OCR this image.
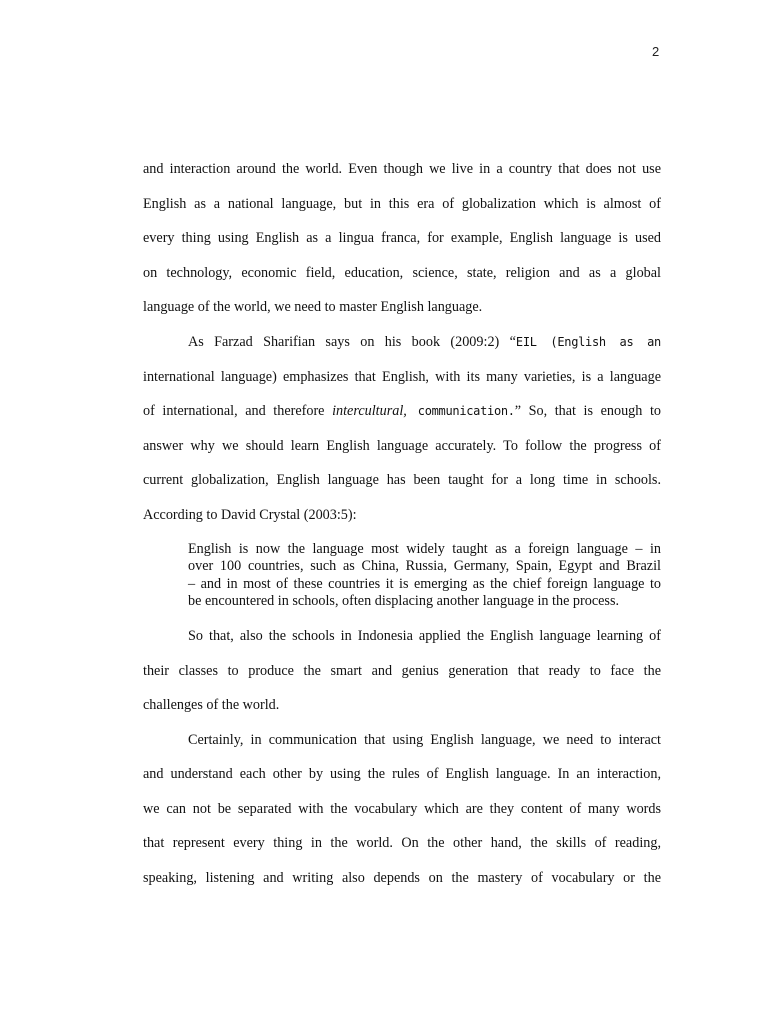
2

and interaction around the world. Even though we live in a country that does not use
English as a national language, but in this era of globalization which is almost of
every thing using English as a lingua franca, for example, English language is used
on technology, economic field, education, science, state, religion and as a global
language of the world, we need to master English language.

As Farzad Sharifian says on his book (2009:2) “EIL (English as an
international language) emphasizes that English, with its many varieties, is a language
of international, and therefore intercultural, communication.” So, that is enough to
answer why we should learn English language accurately. To follow the progress of
current globalization, English language has been taught for a long time in schools.
According to David Crystal (2003:5):

English is now the language most widely taught as a foreign language – in
over 100 countries, such as China, Russia, Germany, Spain, Egypt and Brazil
– and in most of these countries it is emerging as the chief foreign language to
be encountered in schools, often displacing another language in the process.

So that, also the schools in Indonesia applied the English language learning of
their classes to produce the smart and genius generation that ready to face the
challenges of the world.

Certainly, in communication that using English language, we need to interact
and understand each other by using the rules of English language. In an interaction,
we can not be separated with the vocabulary which are they content of many words
that represent every thing in the world. On the other hand, the skills of reading,
speaking, listening and writing also depends on the mastery of vocabulary or the
